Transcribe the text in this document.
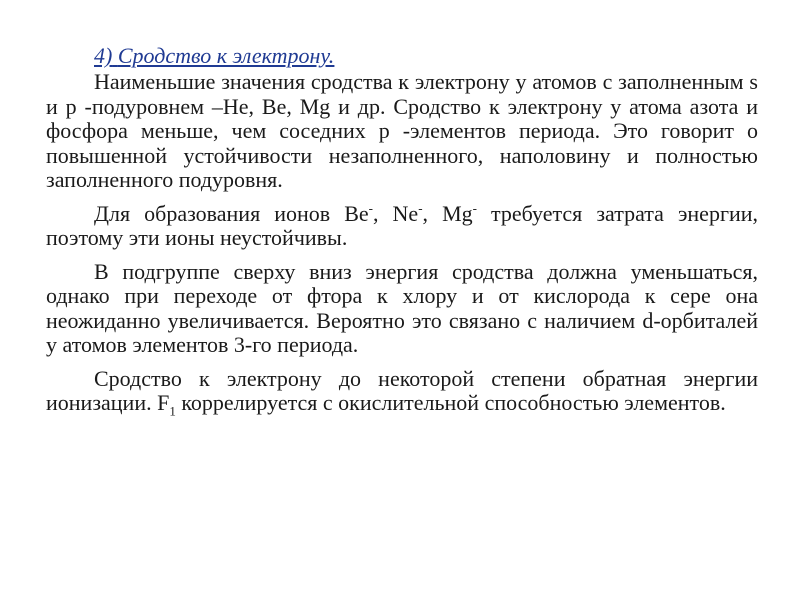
4) Сродство к электрону.

Наименьшие значения сродства к электрону у атомов с заполненным s и p -подуровнем –He, Be, Mg и др. Сродство к электрону у атома азота и фосфора меньше, чем соседних p -элементов периода. Это говорит о повышенной устойчивости незаполненного, наполовину и полностью заполненного подуровня.

Для образования ионов Be-, Ne-, Mg- требуется затрата энергии, поэтому эти ионы неустойчивы.

В подгруппе сверху вниз энергия сродства должна уменьшаться, однако при переходе от фтора к хлору и от кислорода к сере она неожиданно увеличивается. Вероятно это связано с наличием d-орбиталей у атомов элементов 3-го периода.

Сродство к электрону до некоторой степени обратная энергии ионизации. $F_1$ коррелируется с окислительной способностью элементов.
